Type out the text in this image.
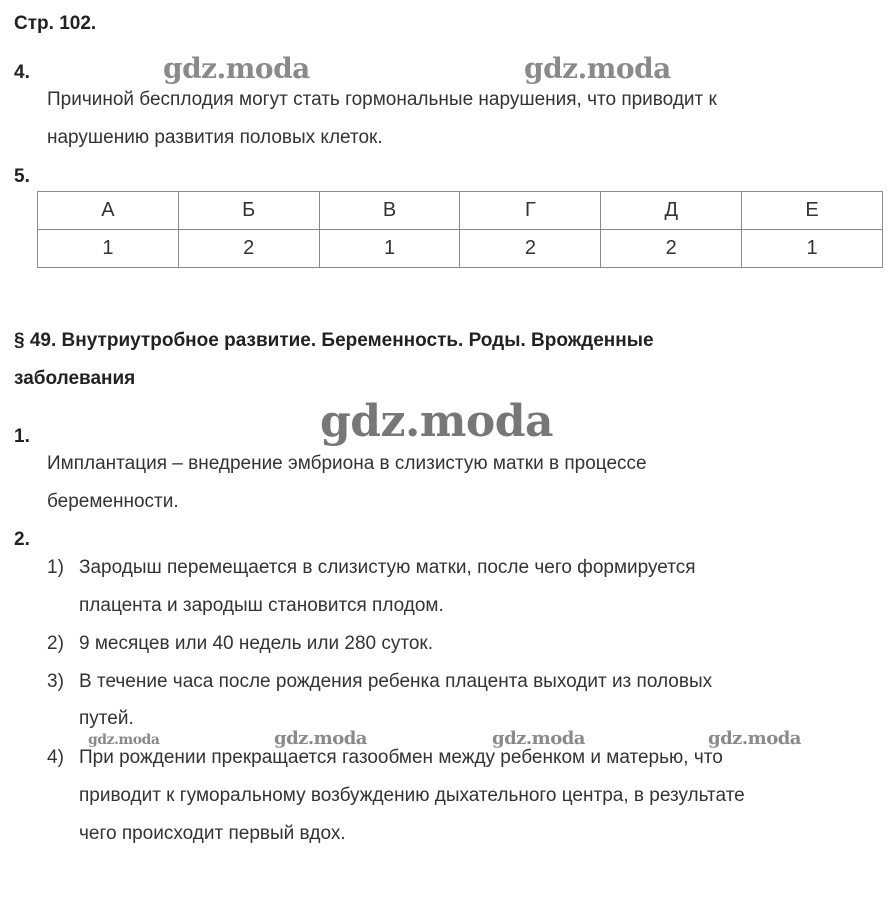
Стр. 102.
gdz.moda	gdz.moda
gdz.moda
gdz.moda	gdz.moda	gdz.moda	gdz.moda
4.
Причиной бесплодия могут стать гормональные нарушения, что приводит к
нарушению развития половых клеток.
5.
А	Б	В	Г	Д	Е
1	2	1	2	2	1
§ 49. Внутриутробное развитие. Беременность. Роды. Врожденные
заболевания
1.
Имплантация – внедрение эмбриона в слизистую матки в процессе
беременности.
2.
1) Зародыш перемещается в слизистую матки, после чего формируется
плацента и зародыш становится плодом.
2) 9 месяцев или 40 недель или 280 суток.
3) В течение часа после рождения ребенка плацента выходит из половых
путей.
4) При рождении прекращается газообмен между ребенком и матерью, что
приводит к гуморальному возбуждению дыхательного центра, в результате
чего происходит первый вдох.
